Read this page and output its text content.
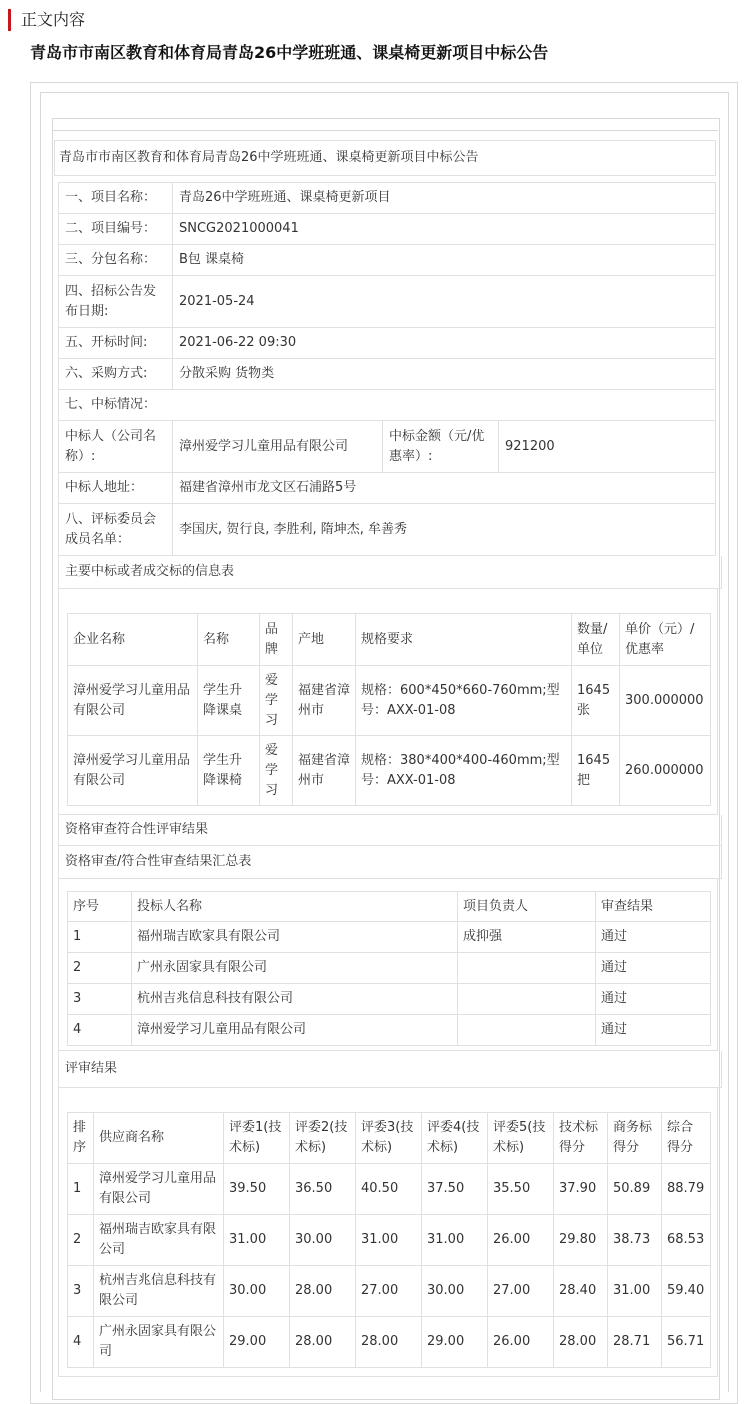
正文内容
青岛市市南区教育和体育局青岛26中学班班通、课桌椅更新项目中标公告
青岛市市南区教育和体育局青岛26中学班班通、课桌椅更新项目中标公告
一、项目名称：	青岛26中学班班通、课桌椅更新项目		
二、项目编号：	SNCG2021000041		
三、分包名称：	B包 课桌椅		
四、招标公告发布日期:	2021-05-24		
五、开标时间:	2021-06-22 09:30		
六、采购方式:	分散采购 货物类		
七、中标情况：			
中标人（公司名称）:	漳州爱学习儿童用品有限公司	中标金额（元/优惠率）:	921200
中标人地址：	福建省漳州市龙文区石浦路5号		
八、评标委员会成员名单：	李国庆, 贺行良, 李胜利, 隋坤杰, 牟善秀		
主要中标或者成交标的信息表
企业名称	名称	品牌	产地	规格要求	数量/单位	单价（元）/优惠率
漳州爱学习儿童用品有限公司	学生升降课桌	爱学习	福建省漳州市	规格：600*450*660-760mm;型号：AXX-01-08	1645张	300.000000
漳州爱学习儿童用品有限公司	学生升降课椅	爱学习	福建省漳州市	规格：380*400*400-460mm;型号：AXX-01-08	1645把	260.000000
资格审查符合性评审结果
资格审查/符合性审查结果汇总表
序号	投标人名称	项目负责人	审查结果
1	福州瑞吉欧家具有限公司	成抑强	通过
2	广州永固家具有限公司		通过
3	杭州吉兆信息科技有限公司		通过
4	漳州爱学习儿童用品有限公司		通过
评审结果
排序	供应商名称	评委1(技术标)	评委2(技术标)	评委3(技术标)	评委4(技术标)	评委5(技术标)	技术标得分	商务标得分	综合得分
1	漳州爱学习儿童用品有限公司	39.50	36.50	40.50	37.50	35.50	37.90	50.89	88.79
2	福州瑞吉欧家具有限公司	31.00	30.00	31.00	31.00	26.00	29.80	38.73	68.53
3	杭州吉兆信息科技有限公司	30.00	28.00	27.00	30.00	27.00	28.40	31.00	59.40
4	广州永固家具有限公司	29.00	28.00	28.00	29.00	26.00	28.00	28.71	56.71
